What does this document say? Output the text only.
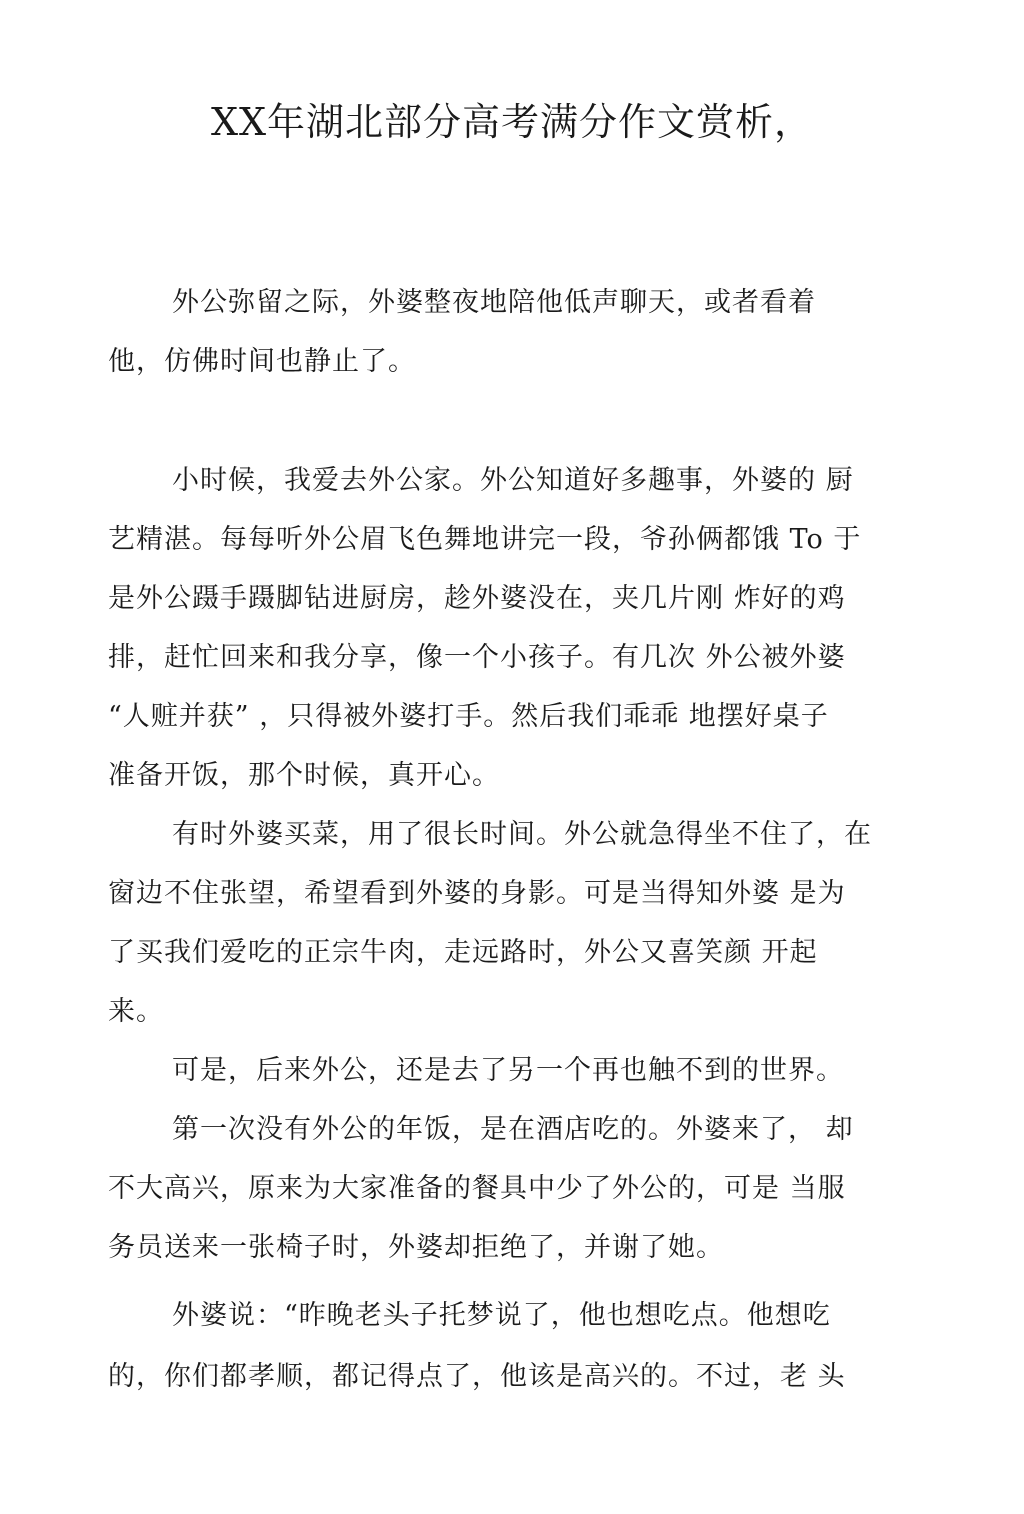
XX年湖北部分高考满分作文赏析，
外公弥留之际，外婆整夜地陪他低声聊天，或者看着
他，仿佛时间也静止了。
小时候，我爱去外公家。外公知道好多趣事，外婆的 厨
艺精湛。每每听外公眉飞色舞地讲完一段，爷孙俩都饿 To 于
是外公蹑手蹑脚钻进厨房，趁外婆没在，夹几片刚 炸好的鸡
排，赶忙回来和我分享，像一个小孩子。有几次 外公被外婆
“人赃并获” ，只得被外婆打手。然后我们乖乖 地摆好桌子
准备开饭，那个时候，真开心。
有时外婆买菜，用了很长时间。外公就急得坐不住了，在
窗边不住张望，希望看到外婆的身影。可是当得知外婆 是为
了买我们爱吃的正宗牛肉，走远路时，外公又喜笑颜 开起
来。
可是，后来外公，还是去了另一个再也触不到的世界。
第一次没有外公的年饭，是在酒店吃的。外婆来了， 却
不大高兴，原来为大家准备的餐具中少了外公的，可是 当服
务员送来一张椅子时，外婆却拒绝了，并谢了她。
外婆说：“昨晚老头子托梦说了，他也想吃点。他想吃
的，你们都孝顺，都记得点了，他该是高兴的。不过，老 头
